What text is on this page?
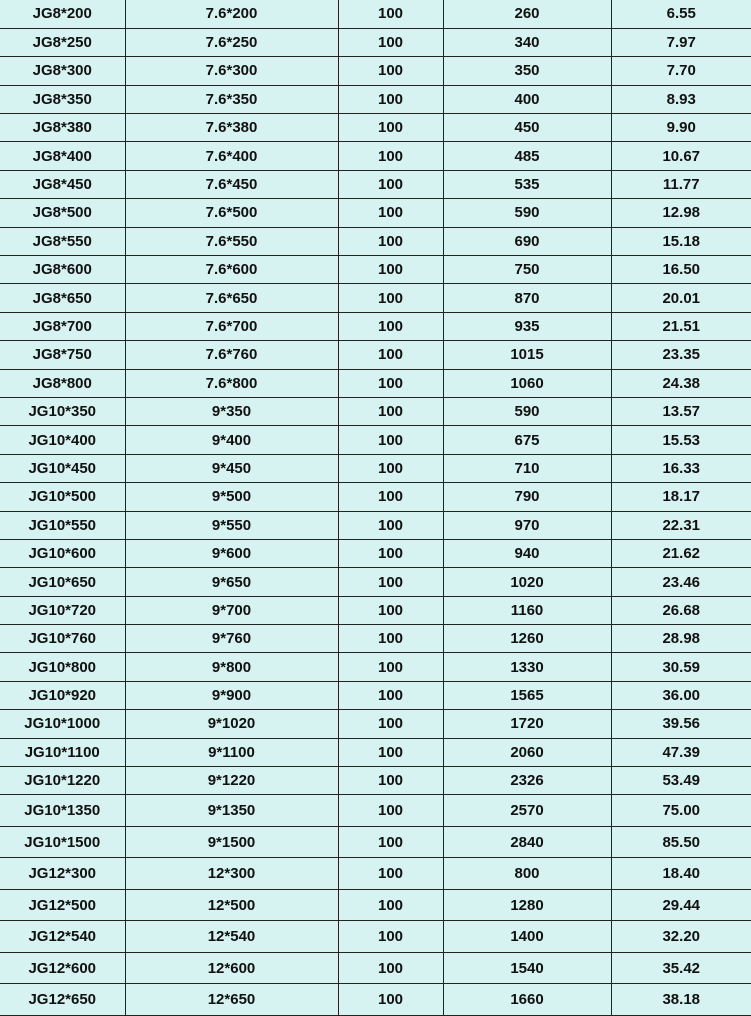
JG8*200	7.6*200	100	260	6.55
JG8*250	7.6*250	100	340	7.97
JG8*300	7.6*300	100	350	7.70
JG8*350	7.6*350	100	400	8.93
JG8*380	7.6*380	100	450	9.90
JG8*400	7.6*400	100	485	10.67
JG8*450	7.6*450	100	535	11.77
JG8*500	7.6*500	100	590	12.98
JG8*550	7.6*550	100	690	15.18
JG8*600	7.6*600	100	750	16.50
JG8*650	7.6*650	100	870	20.01
JG8*700	7.6*700	100	935	21.51
JG8*750	7.6*760	100	1015	23.35
JG8*800	7.6*800	100	1060	24.38
JG10*350	9*350	100	590	13.57
JG10*400	9*400	100	675	15.53
JG10*450	9*450	100	710	16.33
JG10*500	9*500	100	790	18.17
JG10*550	9*550	100	970	22.31
JG10*600	9*600	100	940	21.62
JG10*650	9*650	100	1020	23.46
JG10*720	9*700	100	1160	26.68
JG10*760	9*760	100	1260	28.98
JG10*800	9*800	100	1330	30.59
JG10*920	9*900	100	1565	36.00
JG10*1000	9*1020	100	1720	39.56
JG10*1100	9*1100	100	2060	47.39
JG10*1220	9*1220	100	2326	53.49
JG10*1350	9*1350	100	2570	75.00
JG10*1500	9*1500	100	2840	85.50
JG12*300	12*300	100	800	18.40
JG12*500	12*500	100	1280	29.44
JG12*540	12*540	100	1400	32.20
JG12*600	12*600	100	1540	35.42
JG12*650	12*650	100	1660	38.18
